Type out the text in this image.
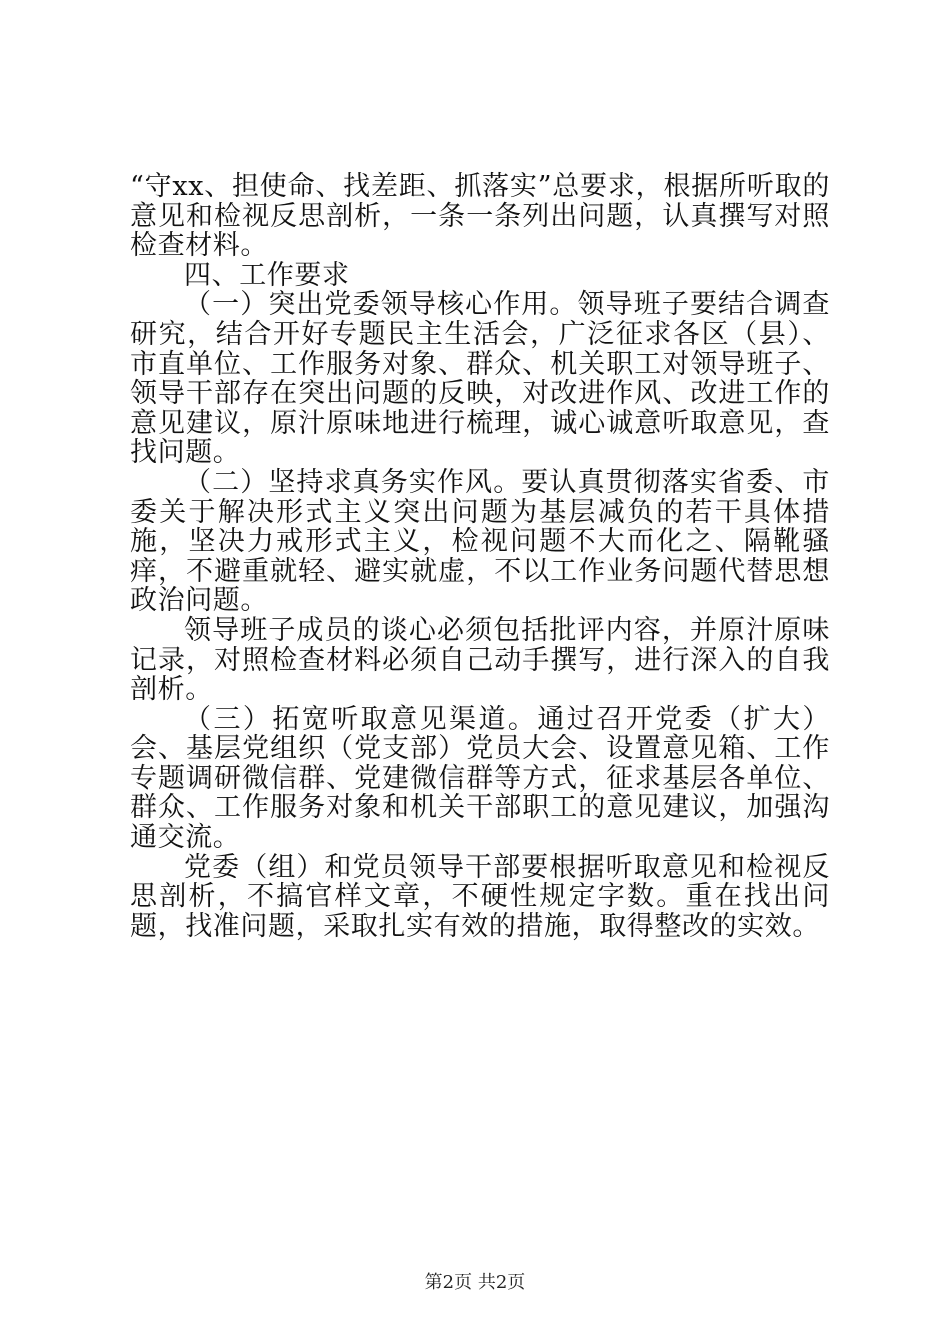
“守xx、担使命、找差距、抓落实”总要求，根据所听取的意见和检视反思剖析，一条一条列出问题，认真撰写对照检查材料。

四、工作要求

（一）突出党委领导核心作用。领导班子要结合调查研究，结合开好专题民主生活会，广泛征求各区（县）、市直单位、工作服务对象、群众、机关职工对领导班子、领导干部存在突出问题的反映，对改进作风、改进工作的意见建议，原汁原味地进行梳理，诚心诚意听取意见，查找问题。

（二）坚持求真务实作风。要认真贯彻落实省委、市委关于解决形式主义突出问题为基层减负的若干具体措施，坚决力戒形式主义，检视问题不大而化之、隔靴骚痒，不避重就轻、避实就虚，不以工作业务问题代替思想政治问题。

领导班子成员的谈心必须包括批评内容，并原汁原味记录，对照检查材料必须自己动手撰写，进行深入的自我剖析。

（三）拓宽听取意见渠道。通过召开党委（扩大）会、基层党组织（党支部）党员大会、设置意见箱、工作专题调研微信群、党建微信群等方式，征求基层各单位、群众、工作服务对象和机关干部职工的意见建议，加强沟通交流。

党委（组）和党员领导干部要根据听取意见和检视反思剖析，不搞官样文章，不硬性规定字数。重在找出问题，找准问题，采取扎实有效的措施，取得整改的实效。

第2页 共2页
